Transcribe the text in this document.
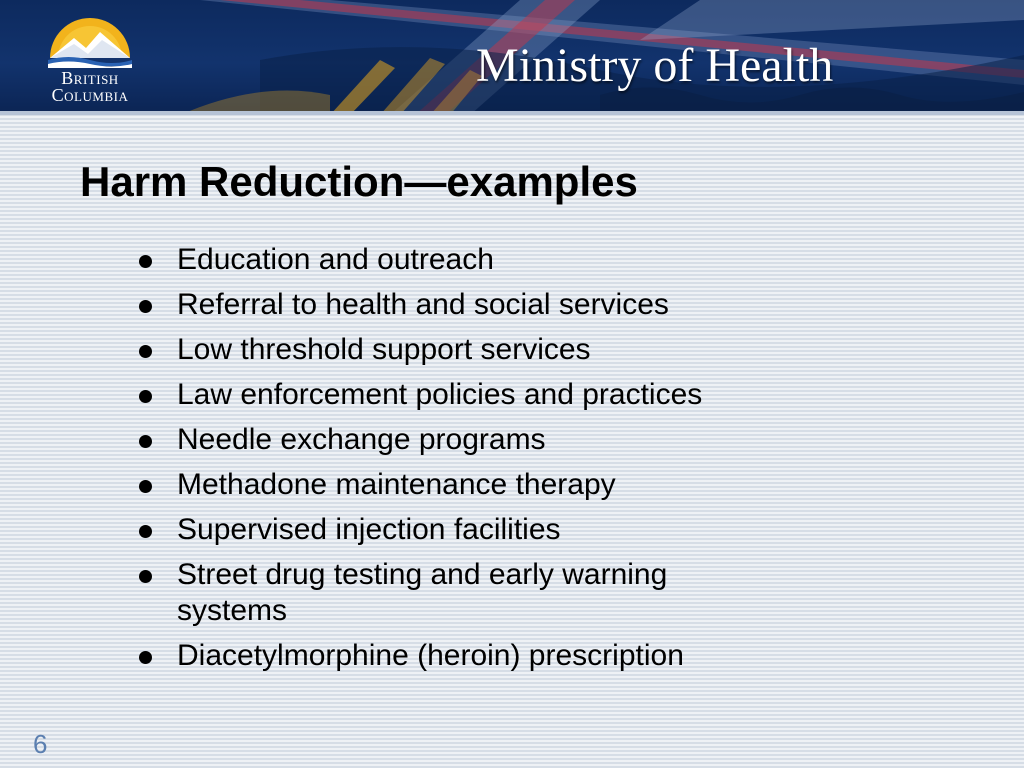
British
Columbia
Ministry of Health
Harm Reduction—examples
Education and outreach
Referral to health and social services
Low threshold support services
Law enforcement policies and practices
Needle exchange programs
Methadone maintenance therapy
Supervised injection facilities
Street drug testing and early warning systems
Diacetylmorphine (heroin) prescription
6
